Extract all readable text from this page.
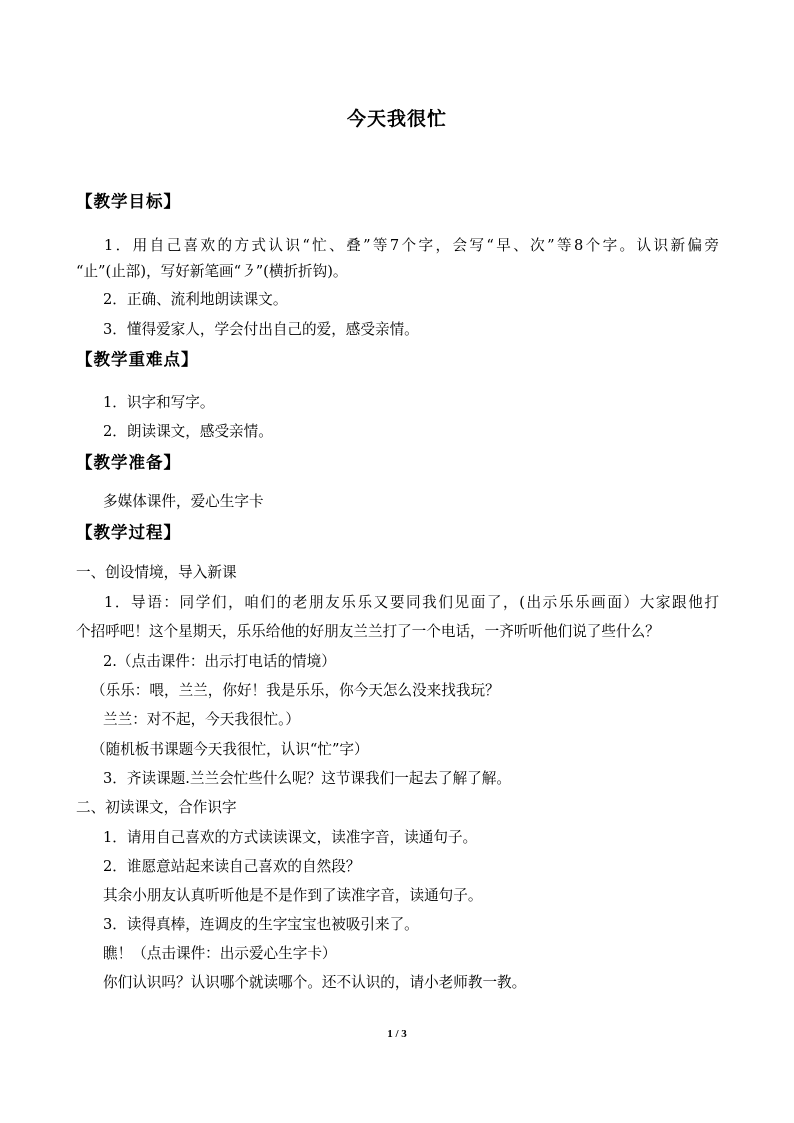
今天我很忙
【教学目标】
1．用自己喜欢的方式认识“忙、叠”等7个字，会写“早、次”等8个字。认识新偏旁
“止”(止部)，写好新笔画“㇋”(横折折钩)。
2．正确、流利地朗读课文。
3．懂得爱家人，学会付出自己的爱，感受亲情。
【教学重难点】
1．识字和写字。
2．朗读课文，感受亲情。
【教学准备】
多媒体课件，爱心生字卡
【教学过程】
一、创设情境，导入新课
1．导语：同学们，咱们的老朋友乐乐又要同我们见面了，(出示乐乐画面）大家跟他打
个招呼吧！这个星期天，乐乐给他的好朋友兰兰打了一个电话，一齐听听他们说了些什么？
2.（点击课件：出示打电话的情境）
（乐乐：喂，兰兰，你好！我是乐乐，你今天怎么没来找我玩？
兰兰：对不起，今天我很忙。）
（随机板书课题今天我很忙，认识“忙”字）
3．齐读课题.兰兰会忙些什么呢？这节课我们一起去了解了解。
二、初读课文，合作识字
1．请用自己喜欢的方式读读课文，读准字音，读通句子。
2．谁愿意站起来读自己喜欢的自然段？
其余小朋友认真听听他是不是作到了读准字音，读通句子。
3．读得真棒，连调皮的生字宝宝也被吸引来了。
瞧！（点击课件：出示爱心生字卡）
你们认识吗？认识哪个就读哪个。还不认识的，请小老师教一教。
1 / 3
